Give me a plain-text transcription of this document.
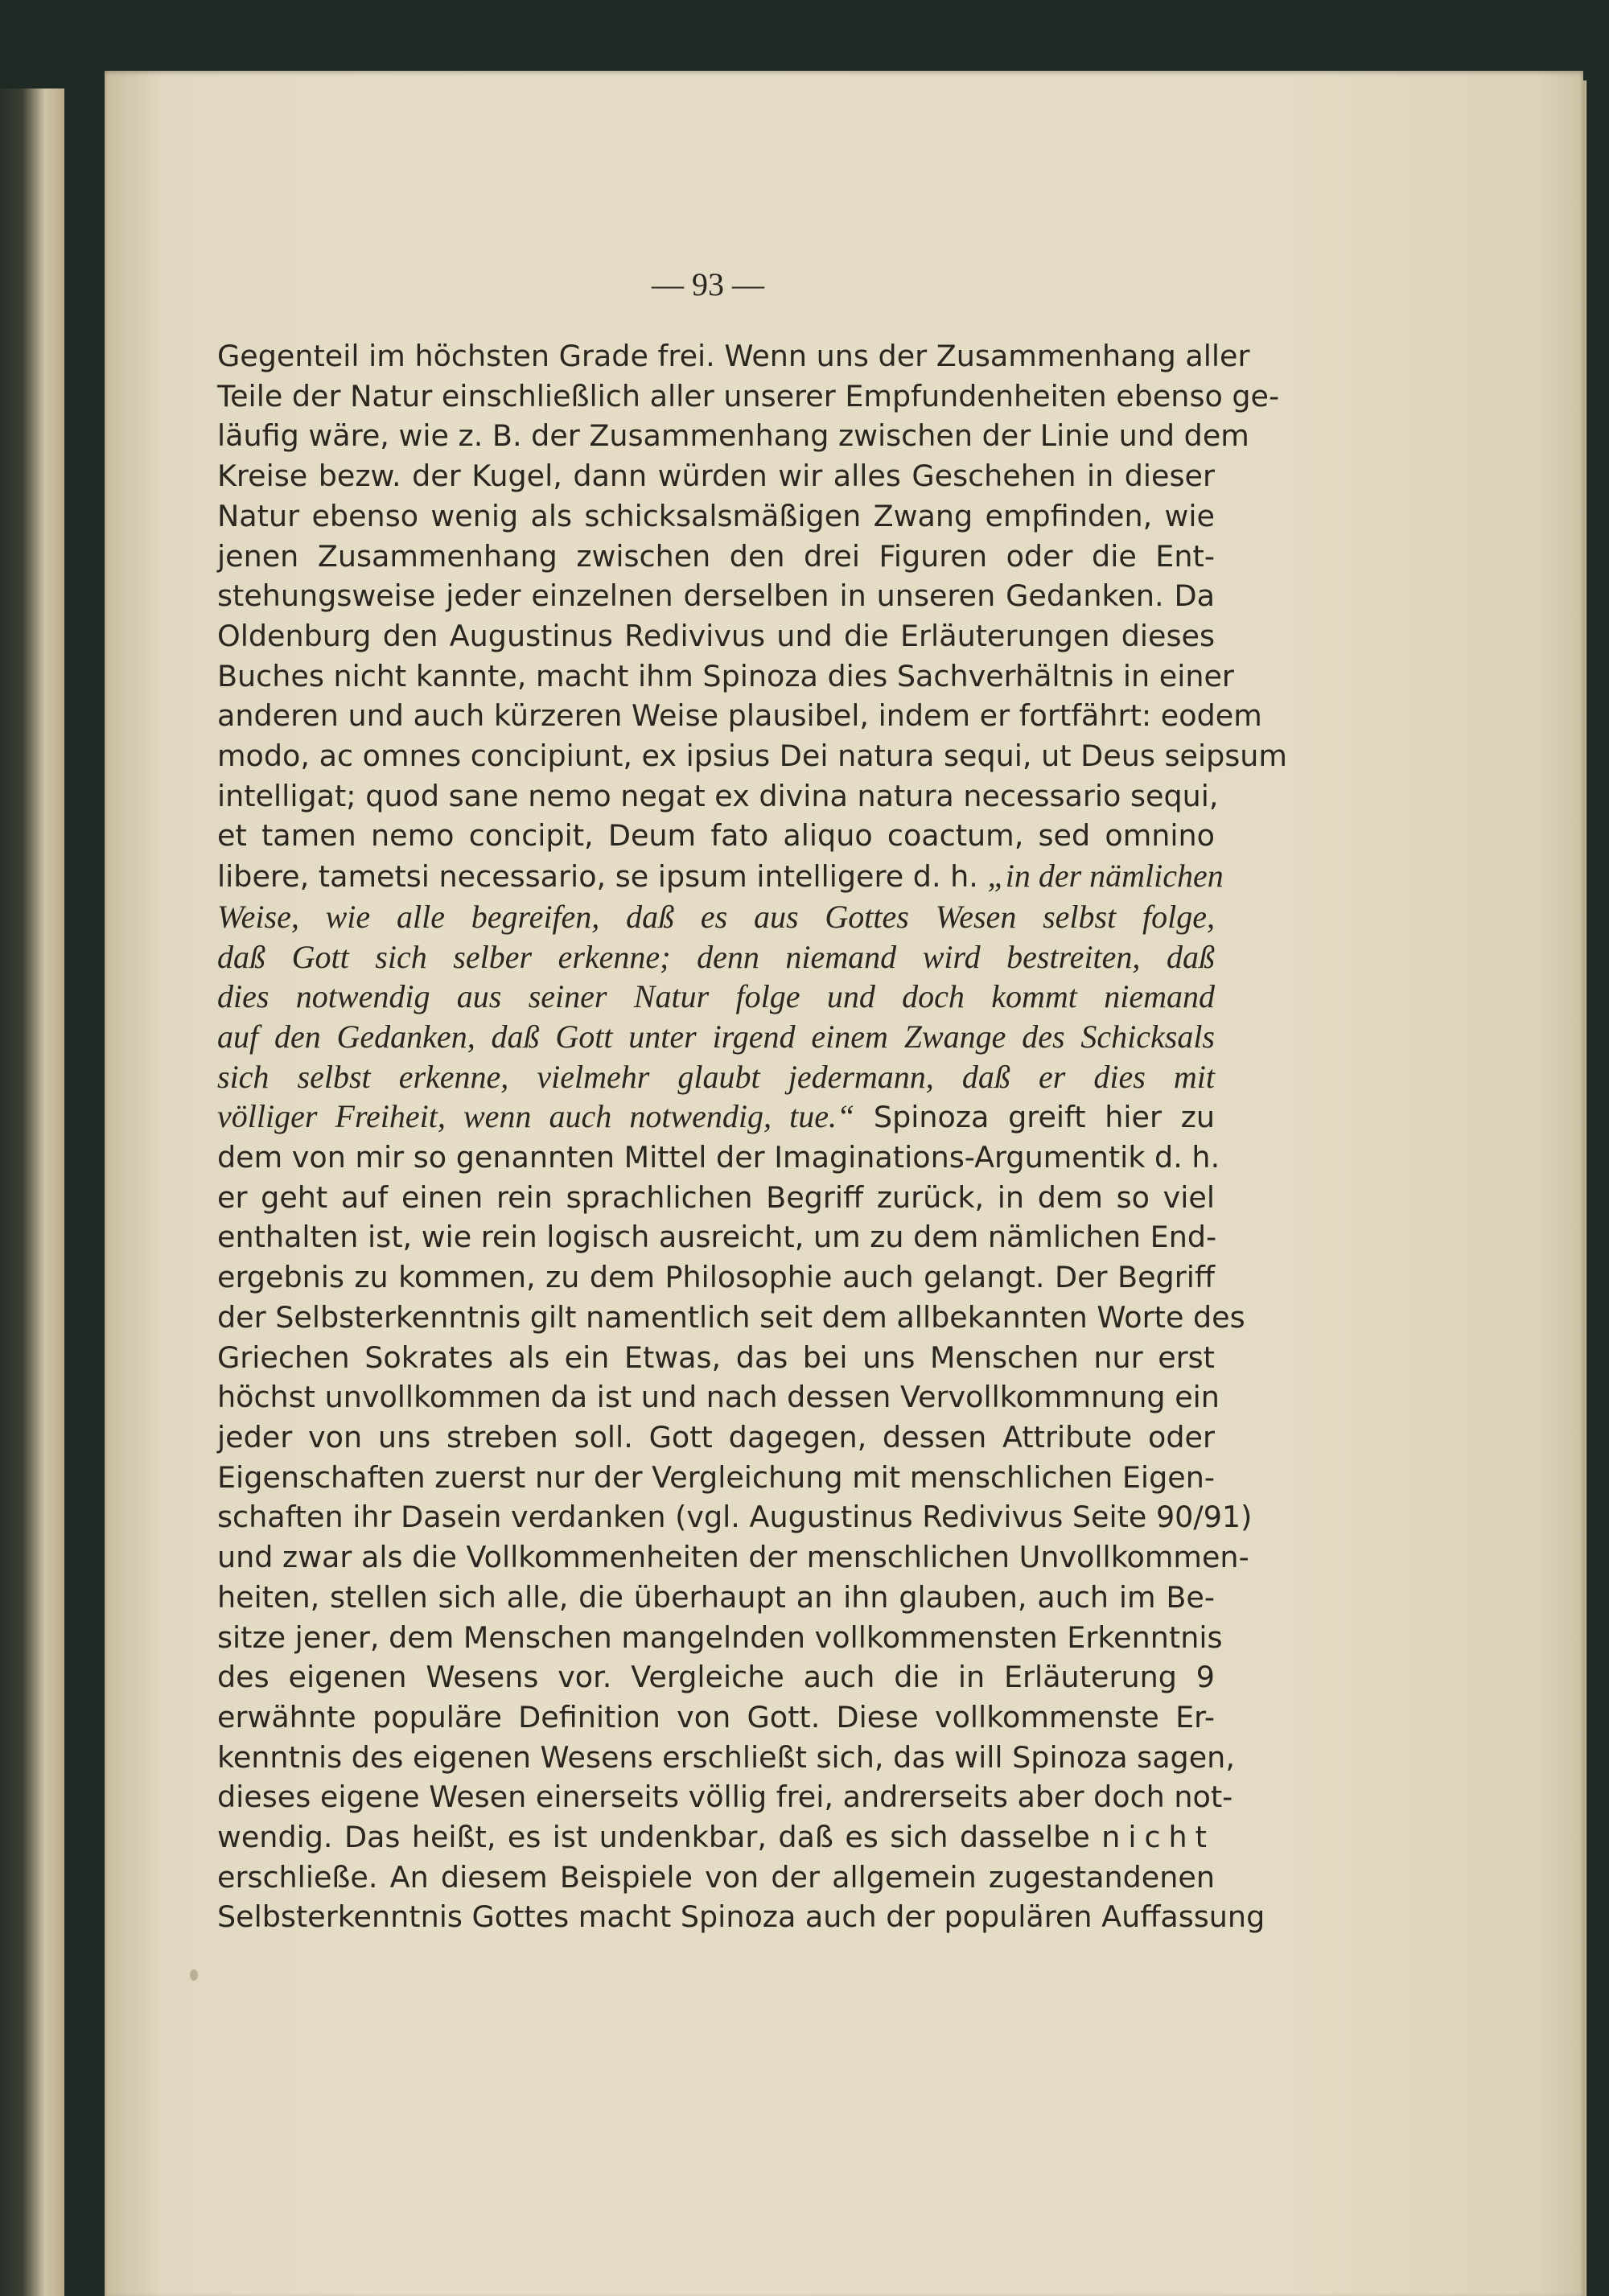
— 93 —
Gegenteil im höchsten Grade frei. Wenn uns der Zusammenhang aller
Teile der Natur einschließlich aller unserer Empfundenheiten ebenso ge-
läufig wäre, wie z. B. der Zusammenhang zwischen der Linie und dem
Kreise bezw. der Kugel, dann würden wir alles Geschehen in dieser
Natur ebenso wenig als schicksalsmäßigen Zwang empfinden, wie
jenen Zusammenhang zwischen den drei Figuren oder die Ent-
stehungsweise jeder einzelnen derselben in unseren Gedanken. Da
Oldenburg den Augustinus Redivivus und die Erläuterungen dieses
Buches nicht kannte, macht ihm Spinoza dies Sachverhältnis in einer
anderen und auch kürzeren Weise plausibel, indem er fortfährt: eodem
modo, ac omnes concipiunt, ex ipsius Dei natura sequi, ut Deus seipsum
intelligat; quod sane nemo negat ex divina natura necessario sequi,
et tamen nemo concipit, Deum fato aliquo coactum, sed omnino
libere, tametsi necessario, se ipsum intelligere d. h. „in der nämlichen
Weise, wie alle begreifen, daß es aus Gottes Wesen selbst folge,
daß Gott sich selber erkenne; denn niemand wird bestreiten, daß
dies notwendig aus seiner Natur folge und doch kommt niemand
auf den Gedanken, daß Gott unter irgend einem Zwange des Schicksals
sich selbst erkenne, vielmehr glaubt jedermann, daß er dies mit
völliger Freiheit, wenn auch notwendig, tue.“ Spinoza greift hier zu
dem von mir so genannten Mittel der Imaginations-Argumentik d. h.
er geht auf einen rein sprachlichen Begriff zurück, in dem so viel
enthalten ist, wie rein logisch ausreicht, um zu dem nämlichen End-
ergebnis zu kommen, zu dem Philosophie auch gelangt. Der Begriff
der Selbsterkenntnis gilt namentlich seit dem allbekannten Worte des
Griechen Sokrates als ein Etwas, das bei uns Menschen nur erst
höchst unvollkommen da ist und nach dessen Vervollkommnung ein
jeder von uns streben soll. Gott dagegen, dessen Attribute oder
Eigenschaften zuerst nur der Vergleichung mit menschlichen Eigen-
schaften ihr Dasein verdanken (vgl. Augustinus Redivivus Seite 90/91)
und zwar als die Vollkommenheiten der menschlichen Unvollkommen-
heiten, stellen sich alle, die überhaupt an ihn glauben, auch im Be-
sitze jener, dem Menschen mangelnden vollkommensten Erkenntnis
des eigenen Wesens vor. Vergleiche auch die in Erläuterung 9
erwähnte populäre Definition von Gott. Diese vollkommenste Er-
kenntnis des eigenen Wesens erschließt sich, das will Spinoza sagen,
dieses eigene Wesen einerseits völlig frei, andrerseits aber doch not-
wendig. Das heißt, es ist undenkbar, daß es sich dasselbe nicht
erschließe. An diesem Beispiele von der allgemein zugestandenen
Selbsterkenntnis Gottes macht Spinoza auch der populären Auffassung
